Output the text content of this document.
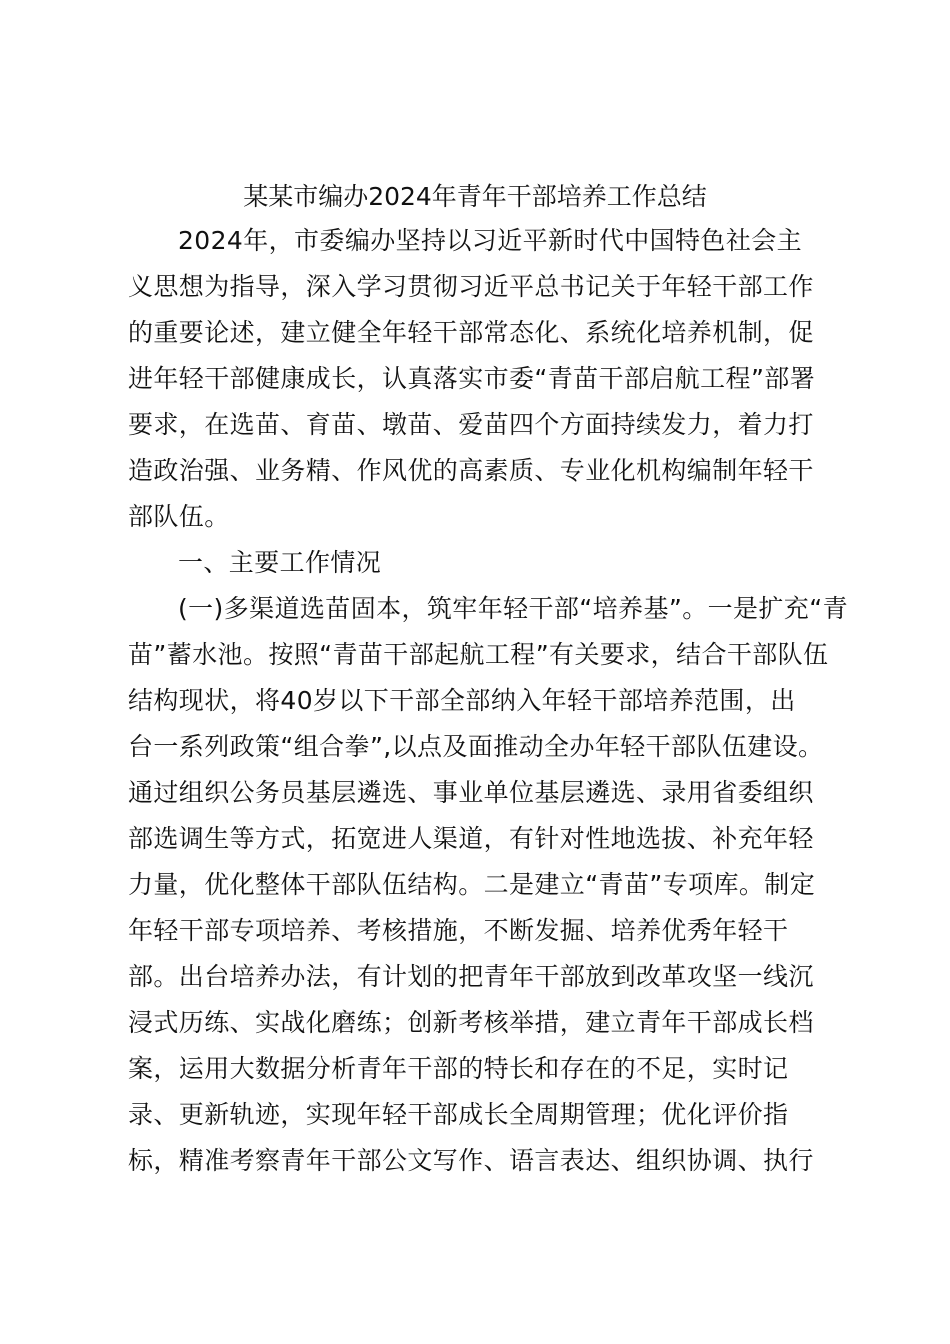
某某市编办2024年青年干部培养工作总结
2024年，市委编办坚持以习近平新时代中国特色社会主
义思想为指导，深入学习贯彻习近平总书记关于年轻干部工作
的重要论述，建立健全年轻干部常态化、系统化培养机制，促
进年轻干部健康成长，认真落实市委“青苗干部启航工程”部署
要求，在选苗、育苗、墩苗、爱苗四个方面持续发力，着力打
造政治强、业务精、作风优的高素质、专业化机构编制年轻干
部队伍。
一、主要工作情况
(一)多渠道选苗固本，筑牢年轻干部“培养基”。一是扩充“青
苗”蓄水池。按照“青苗干部起航工程”有关要求，结合干部队伍
结构现状，将40岁以下干部全部纳入年轻干部培养范围，出
台一系列政策“组合拳”,以点及面推动全办年轻干部队伍建设。
通过组织公务员基层遴选、事业单位基层遴选、录用省委组织
部选调生等方式，拓宽进人渠道，有针对性地选拔、补充年轻
力量，优化整体干部队伍结构。二是建立“青苗”专项库。制定
年轻干部专项培养、考核措施，不断发掘、培养优秀年轻干
部。出台培养办法，有计划的把青年干部放到改革攻坚一线沉
浸式历练、实战化磨练；创新考核举措，建立青年干部成长档
案，运用大数据分析青年干部的特长和存在的不足，实时记
录、更新轨迹，实现年轻干部成长全周期管理；优化评价指
标，精准考察青年干部公文写作、语言表达、组织协调、执行
